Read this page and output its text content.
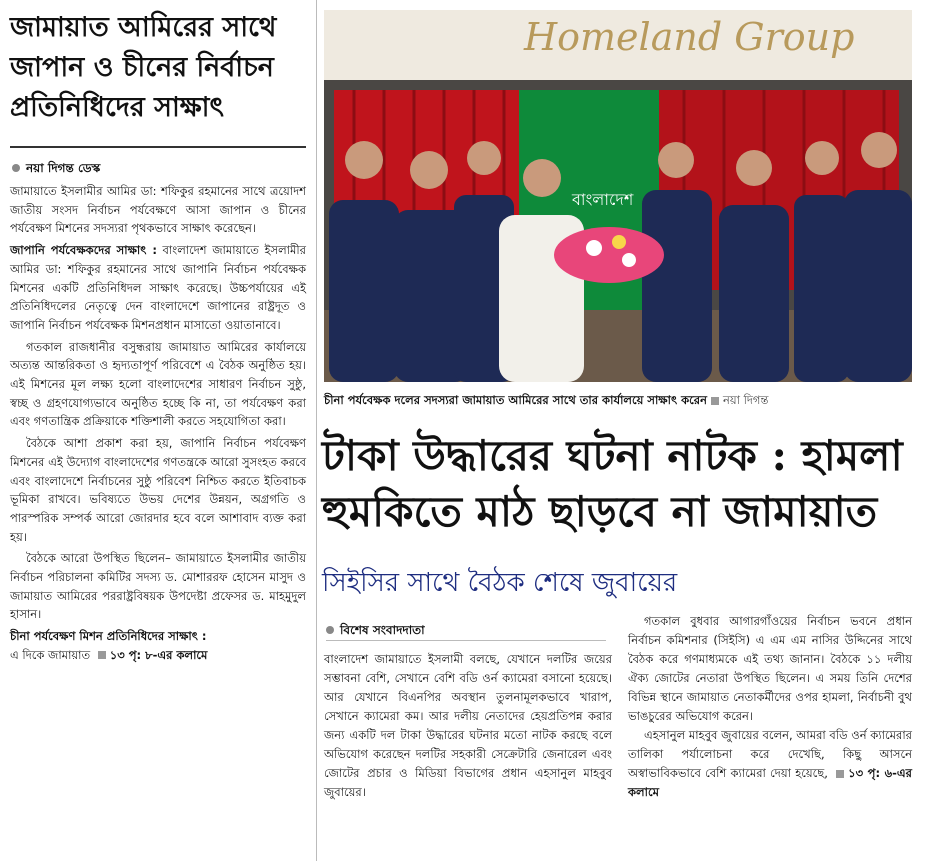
জামায়াত আমিরের সাথে জাপান ও চীনের নির্বাচন প্রতিনিধিদের সাক্ষাৎ
নয়া দিগন্ত ডেস্ক

জামায়াতে ইসলামীর আমির ডা: শফিকুর রহমানের সাথে ত্রয়োদশ জাতীয় সংসদ নির্বাচন পর্যবেক্ষণে আসা জাপান ও চীনের পর্যবেক্ষণ মিশনের সদস্যরা পৃথকভাবে সাক্ষাৎ করেছেন।

জাপানি পর্যবেক্ষকদের সাক্ষাৎ : বাংলাদেশ জামায়াতে ইসলামীর আমির ডা: শফিকুর রহমানের সাথে জাপানি নির্বাচন পর্যবেক্ষক মিশনের একটি প্রতিনিধিদল সাক্ষাৎ করেছে। উচ্চপর্যায়ের এই প্রতিনিধিদলের নেতৃত্বে দেন বাংলাদেশে জাপানের রাষ্ট্রদূত ও জাপানি নির্বাচন পর্যবেক্ষক মিশনপ্রধান মাসাতো ওয়াতানাবে।

গতকাল রাজধানীর বসুন্ধরায় জামায়াত আমিরের কার্যালয়ে অত্যন্ত আন্তরিকতা ও হৃদ্যতাপূর্ণ পরিবেশে এ বৈঠক অনুষ্ঠিত হয়। এই মিশনের মূল লক্ষ্য হলো বাংলাদেশের সাধারণ নির্বাচন সুষ্ঠু, স্বচ্ছ ও গ্রহণযোগ্যভাবে অনুষ্ঠিত হচ্ছে কি না, তা পর্যবেক্ষণ করা এবং গণতান্ত্রিক প্রক্রিয়াকে শক্তিশালী করতে সহযোগিতা করা।

বৈঠকে আশা প্রকাশ করা হয়, জাপানি নির্বাচন পর্যবেক্ষণ মিশনের এই উদ্যোগ বাংলাদেশের গণতন্ত্রকে আরো সুসংহত করবে এবং বাংলাদেশে নির্বাচনের সুষ্ঠু পরিবেশ নিশ্চিত করতে ইতিবাচক ভূমিকা রাখবে। ভবিষ্যতে উভয় দেশের উন্নয়ন, অগ্রগতি ও পারস্পরিক সম্পর্ক আরো জোরদার হবে বলে আশাবাদ ব্যক্ত করা হয়।

বৈঠকে আরো উপস্থিত ছিলেন– জামায়াতে ইসলামীর জাতীয় নির্বাচন পরিচালনা কমিটির সদস্য ড. মোশাররফ হোসেন মাসুদ ও জামায়াত আমিরের পররাষ্ট্রবিষয়ক উপদেষ্টা প্রফেসর ড. মাহমুদুল হাসান।

চীনা পর্যবেক্ষণ মিশন প্রতিনিধিদের সাক্ষাৎ :
এ দিকে জামায়াত ১৩ পৃ: ৮-এর কলামে

Homeland Group
বাংলাদেশ
চীনা পর্যবেক্ষক দলের সদস্যরা জামায়াত আমিরের সাথে তার কার্যালয়ে সাক্ষাৎ করেন নয়া দিগন্ত
টাকা উদ্ধারের ঘটনা নাটক : হামলা
হুমকিতে মাঠ ছাড়বে না জামায়াত
সিইসির সাথে বৈঠক শেষে জুবায়ের
বিশেষ সংবাদদাতা

বাংলাদেশ জামায়াতে ইসলামী বলছে, যেখানে দলটির জয়ের সম্ভাবনা বেশি, সেখানে বেশি বডি ওর্ন ক্যামেরা বসানো হয়েছে। আর যেখানে বিএনপির অবস্থান তুলনামূলকভাবে খারাপ, সেখানে ক্যামেরা কম। আর দলীয় নেতাদের হেয়প্রতিপন্ন করার জন্য একটি দল টাকা উদ্ধারের ঘটনার মতো নাটক করছে বলে অভিযোগ করেছেন দলটির সহকারী সেক্রেটারি জেনারেল এবং জোটের প্রচার ও মিডিয়া বিভাগের প্রধান এহসানুল মাহবুব জুবায়ের।

গতকাল বুধবার আগারগাঁওয়ের নির্বাচন ভবনে প্রধান নির্বাচন কমিশনার (সিইসি) এ এম এম নাসির উদ্দিনের সাথে বৈঠক করে গণমাধ্যমকে এই তথ্য জানান। বৈঠকে ১১ দলীয় ঐক্য জোটের নেতারা উপস্থিত ছিলেন। এ সময় তিনি দেশের বিভিন্ন স্থানে জামায়াত নেতাকর্মীদের ওপর হামলা, নির্বাচনী বুথ ভাঙচুরের অভিযোগ করেন।

এহসানুল মাহবুব জুবায়ের বলেন, আমরা বডি ওর্ন ক্যামেরার তালিকা পর্যালোচনা করে দেখেছি, কিছু আসনে অস্বাভাবিকভাবে বেশি ক্যামেরা দেয়া হয়েছে, ১৩ পৃ: ৬-এর কলামে
